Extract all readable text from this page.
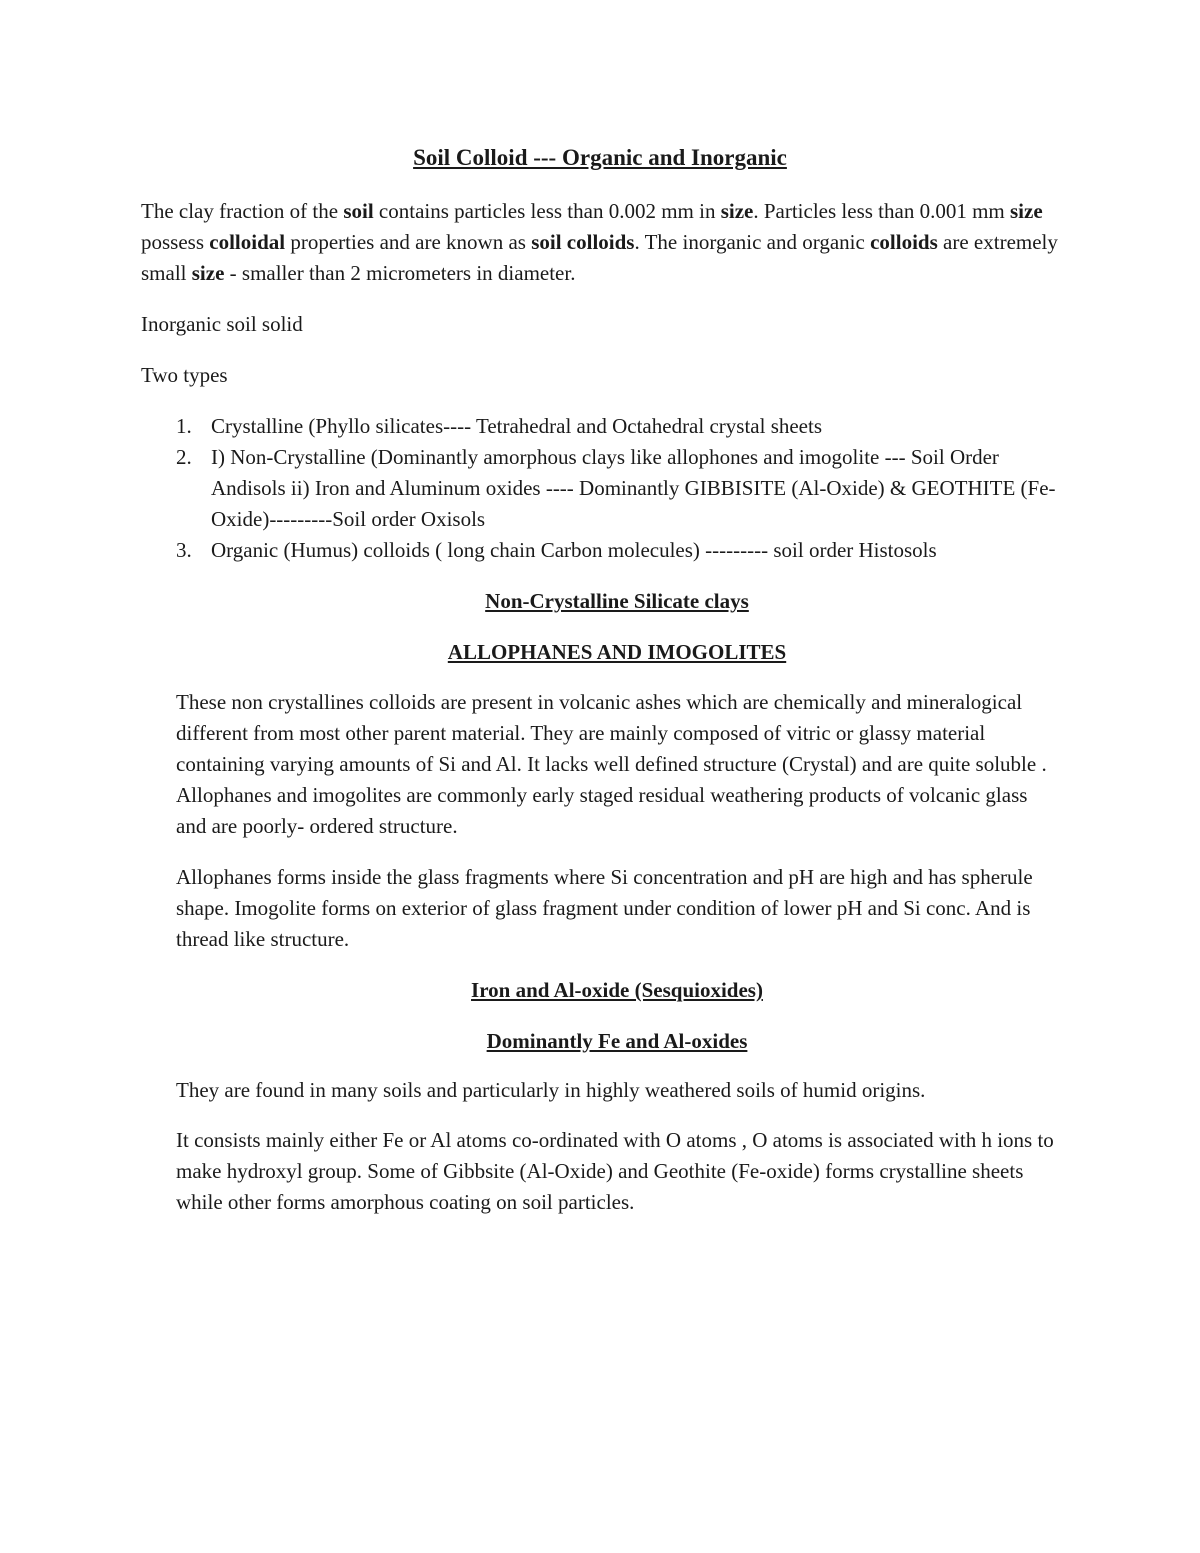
Soil Colloid --- Organic and Inorganic

The clay fraction of the soil contains particles less than 0.002 mm in size. Particles less than 0.001 mm size possess colloidal properties and are known as soil colloids. The inorganic and organic colloids are extremely small size - smaller than 2 micrometers in diameter.

Inorganic soil solid

Two types

1. Crystalline (Phyllo silicates---- Tetrahedral and Octahedral crystal sheets
2. I) Non-Crystalline (Dominantly amorphous clays like allophones and imogolite --- Soil Order Andisols ii) Iron and Aluminum oxides ---- Dominantly GIBBISITE (Al-Oxide) & GEOTHITE (Fe-Oxide)---------Soil order Oxisols
3. Organic (Humus) colloids ( long chain Carbon molecules) --------- soil order Histosols
Non-Crystalline Silicate clays
ALLOPHANES AND IMOGOLITES

These non crystallines colloids are present in volcanic ashes which are chemically and mineralogical different from most other parent material. They are mainly composed of vitric or glassy material containing varying amounts of Si and Al. It lacks well defined structure (Crystal) and are quite soluble . Allophanes and imogolites are commonly early staged residual weathering products of volcanic glass and are poorly- ordered structure.

Allophanes forms inside the glass fragments where Si concentration and pH are high and has spherule shape. Imogolite forms on exterior of glass fragment under condition of lower pH and Si conc. And is thread like structure.

Iron and Al-oxide (Sesquioxides)
Dominantly Fe and Al-oxides

They are found in many soils and particularly in highly weathered soils of humid origins.

It consists mainly either Fe or Al atoms co-ordinated with O atoms , O atoms is associated with h ions to make hydroxyl group. Some of Gibbsite (Al-Oxide) and Geothite (Fe-oxide) forms crystalline sheets while other forms amorphous coating on soil particles.
